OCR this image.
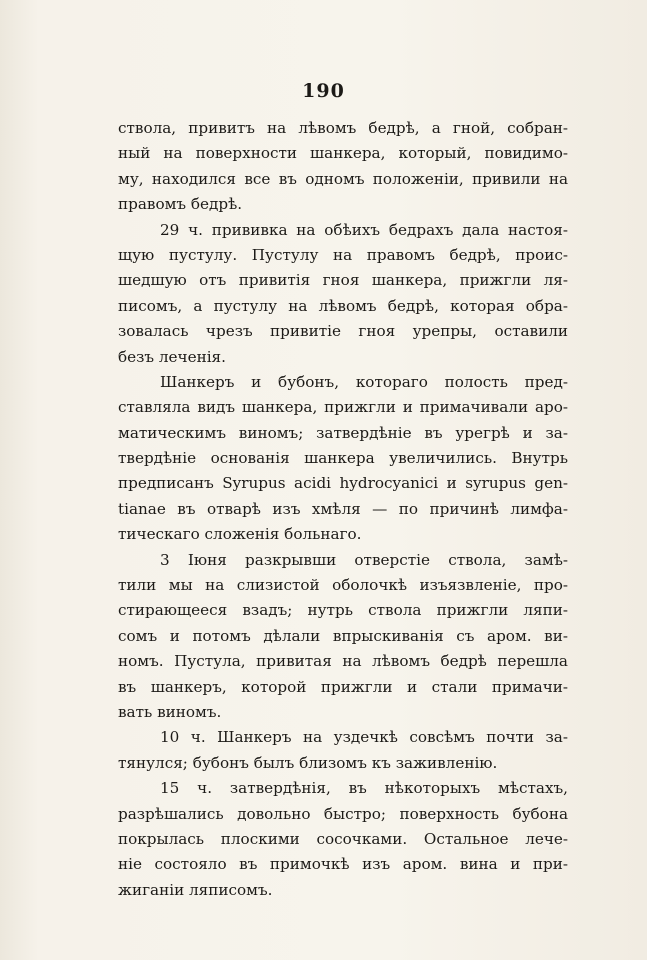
190
ствола, привитъ на лѣвомъ бедрѣ, а гной, собран-
ный на поверхности шанкера, который, повидимо-
му, находился все въ одномъ положеніи, привили на
правомъ бедрѣ.
29 ч. прививка на обѣихъ бедрахъ дала настоя-
щую пустулу. Пустулу на правомъ бедрѣ, проис-
шедшую отъ привитія гноя шанкера, прижгли ля-
писомъ, а пустулу на лѣвомъ бедрѣ, которая обра-
зовалась чрезъ привитіе гноя урепры, оставили
безъ леченія.
Шанкеръ и бубонъ, котораго полость пред-
ставляла видъ шанкера, прижгли и примачивали аро-
матическимъ виномъ; затвердѣніе въ урегрѣ и за-
твердѣніе основанія шанкера увеличились. Внутрь
предписанъ Syrupus acidi hydrocyanici и syrupus gen-
tianae въ отварѣ изъ хмѣля — по причинѣ лимфа-
тическаго сложенія больнаго.
3 Іюня разкрывши отверстіе ствола, замѣ-
тили мы на слизистой оболочкѣ изъязвленіе, про-
стирающееся взадъ; нутрь ствола прижгли ляпи-
сомъ и потомъ дѣлали впрыскиванія съ аром. ви-
номъ. Пустула, привитая на лѣвомъ бедрѣ перешла
въ шанкеръ, которой прижгли и стали примачи-
вать виномъ.
10 ч. Шанкеръ на уздечкѣ совсѣмъ почти за-
тянулся; бубонъ былъ близомъ къ заживленію.
15 ч. затвердѣнія, въ нѣкоторыхъ мѣстахъ,
разрѣшались довольно быстро; поверхность бубона
покрылась плоскими сосочками. Остальное лече-
ніе состояло въ примочкѣ изъ аром. вина и при-
жиганіи ляписомъ.
